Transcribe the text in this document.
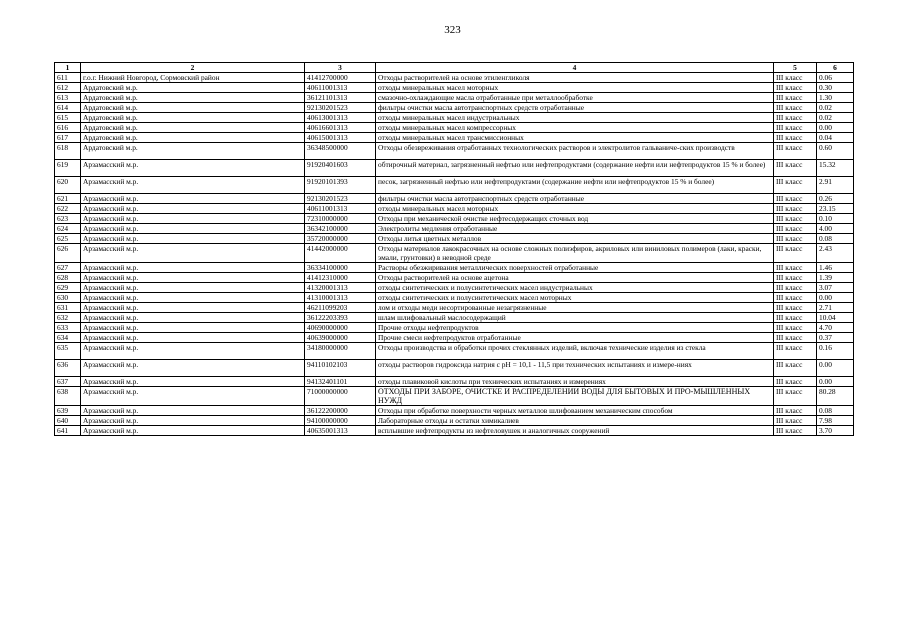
323
1	2	3	4	5	6
611	г.о.г. Нижний Новгород, Сормовский район	41412700000	Отходы растворителей на основе этиленгликоля	III класс	0.06
612	Ардатовский м.р.	40611001313	отходы минеральных масел моторных	III класс	0.30
613	Ардатовский м.р.	36121101313	смазочно-охлаждающие масла отработанные при металлообработке	III класс	1.30
614	Ардатовский м.р.	92130201523	фильтры очистки масла автотранспортных средств отработанные	III класс	0.02
615	Ардатовский м.р.	40613001313	отходы минеральных масел индустриальных	III класс	0.02
616	Ардатовский м.р.	40616601313	отходы минеральных масел компрессорных	III класс	0.00
617	Ардатовский м.р.	40615001313	отходы минеральных масел трансмиссионных	III класс	0.04
618	Ардатовский м.р.	36348500000	Отходы обезвреживания отработанных технологических растворов и электролитов гальваниче-ских производств	III класс	0.60
619	Арзамасский м.р.	91920401603	обтирочный материал, загрязненный нефтью или нефтепродуктами (содержание нефти или нефтепродуктов 15 % и более)	III класс	15.32
620	Арзамасский м.р.	91920101393	песок, загрязненный нефтью или нефтепродуктами (содержание нефти или нефтепродуктов 15 % и более)	III класс	2.91
621	Арзамасский м.р.	92130201523	фильтры очистки масла автотранспортных средств отработанные	III класс	0.26
622	Арзамасский м.р.	40611001313	отходы минеральных масел моторных	III класс	23.15
623	Арзамасский м.р.	72310000000	Отходы при механической очистке нефтесодержащих сточных вод	III класс	0.10
624	Арзамасский м.р.	36342100000	Электролиты медления отработанные	III класс	4.00
625	Арзамасский м.р.	35720000000	Отходы литья цветных металлов	III класс	0.08
626	Арзамасский м.р.	41442000000	Отходы материалов лакокрасочных на основе сложных полиэфиров, акриловых или виниловых полимеров (лаки, краски, эмали, грунтовки) в неводной среде	III класс	2.43
627	Арзамасский м.р.	36334100000	Растворы обезжиривания металлических поверхностей отработанные	III класс	1.46
628	Арзамасский м.р.	41412310000	Отходы растворителей на основе ацетона	III класс	1.39
629	Арзамасский м.р.	41320001313	отходы синтетических и полусинтетических масел индустриальных	III класс	3.07
630	Арзамасский м.р.	41310001313	отходы синтетических и полусинтетических масел моторных	III класс	0.00
631	Арзамасский м.р.	46211099203	лом и отходы меди несортированные незагрязненные	III класс	2.71
632	Арзамасский м.р.	36122203393	шлам шлифовальный маслосодержащий	III класс	10.04
633	Арзамасский м.р.	40690000000	Прочие отходы нефтепродуктов	III класс	4.70
634	Арзамасский м.р.	40639000000	Прочие смеси нефтепродуктов отработанные	III класс	0.37
635	Арзамасский м.р.	34180000000	Отходы производства и обработки прочих стеклянных изделий, включая технические изделия из стекла	III класс	0.16
636	Арзамасский м.р.	94110102103	отходы растворов гидроксида натрия с pH = 10,1 - 11,5 при технических испытаниях и измере-ниях	III класс	0.00
637	Арзамасский м.р.	94132401101	отходы плавиковой кислоты при технических испытаниях и измерениях	III класс	0.00
638	Арзамасский м.р.	71000000000	ОТХОДЫ ПРИ ЗАБОРЕ, ОЧИСТКЕ И РАСПРЕДЕЛЕНИИ ВОДЫ ДЛЯ БЫТОВЫХ И ПРО-МЫШЛЕННЫХ НУЖД	III класс	80.28
639	Арзамасский м.р.	36122200000	Отходы при обработке поверхности черных металлов шлифованием механическим способом	III класс	0.08
640	Арзамасский м.р.	94100000000	Лабораторные отходы и остатки химикалиев	III класс	7.98
641	Арзамасский м.р.	40635001313	всплывшие нефтепродукты из нефтеловушек и аналогичных сооружений	III класс	3.70
